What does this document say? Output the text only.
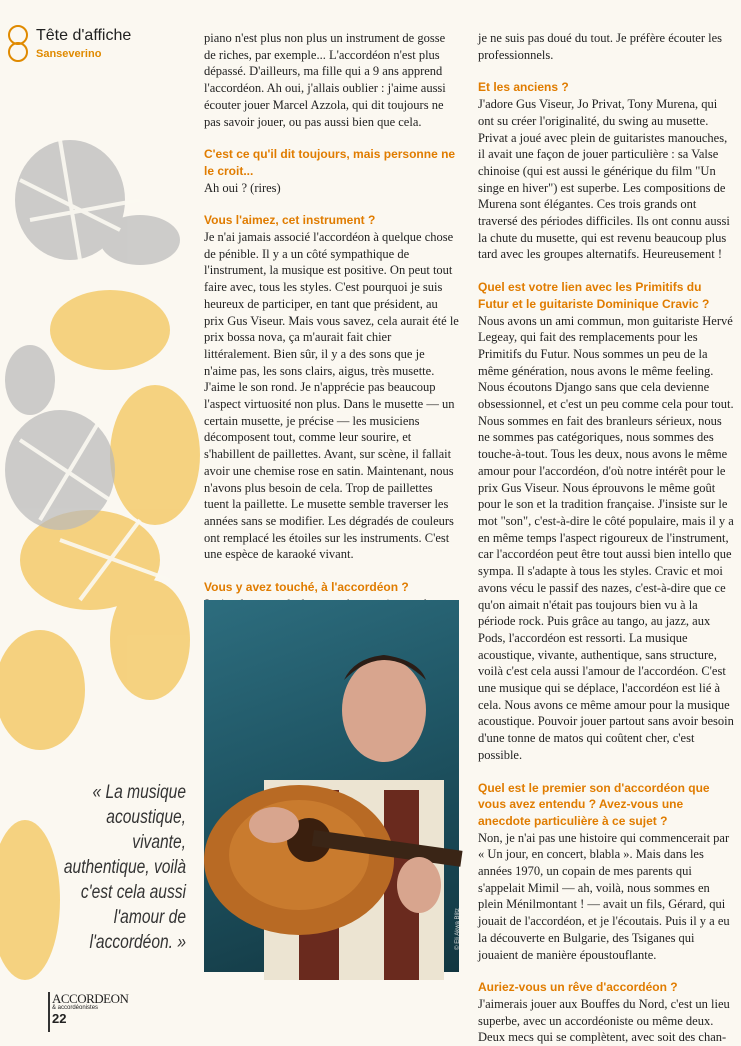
Tête d'affiche
Sanseverino

piano n'est plus non plus un instrument de gosse de riches, par exemple... L'accordéon n'est plus dépassé. D'ailleurs, ma fille qui a 9 ans apprend l'accordéon. Ah oui, j'allais oublier : j'aime aussi écouter jouer Marcel Azzola, qui dit toujours ne pas savoir jouer, ou pas aussi bien que cela.

C'est ce qu'il dit toujours, mais personne ne le croit...

Ah oui ? (rires)

Vous l'aimez, cet instrument ?

Je n'ai jamais associé l'accordéon à quelque chose de pénible. Il y a un côté sympathique de l'instrument, la musique est positive. On peut tout faire avec, tous les styles. C'est pourquoi je suis heureux de participer, en tant que président, au prix Gus Viseur. Mais vous savez, cela aurait été le prix bossa nova, ça m'aurait fait chier littéralement. Bien sûr, il y a des sons que je n'aime pas, les sons clairs, aigus, très musette. J'aime le son rond. Je n'apprécie pas beaucoup l'aspect virtuosité non plus. Dans le musette — un certain musette, je précise — les musiciens décomposent tout, comme leur sourire, et s'habillent de paillettes. Avant, sur scène, il fallait avoir une chemise rose en satin. Maintenant, nous n'avons plus besoin de cela. Trop de paillettes tuent la paillette. Le musette semble traverser les années sans se modifier. Les dégradés de couleurs ont remplacé les étoiles sur les instruments. C'est une espèce de karaoké vivant.

Vous y avez touché, à l'accordéon ?

© Eli Akwa Blitz

je ne suis pas doué du tout. Je préfère écouter les professionnels.

Et les anciens ?

J'adore Gus Viseur, Jo Privat, Tony Murena, qui ont su créer l'originalité, du swing au musette. Privat a joué avec plein de guitaristes manouches, il avait une façon de jouer particulière : sa Valse chinoise (qui est aussi le générique du film "Un singe en hiver") est superbe. Les compositions de Murena sont élégantes. Ces trois grands ont traversé des périodes difficiles. Ils ont connu aussi la chute du musette, qui est revenu beaucoup plus tard avec les groupes alternatifs. Heureusement !

Quel est votre lien avec les Primitifs du Futur et le guitariste Dominique Cravic ?

Nous avons un ami commun, mon guitariste Hervé Legeay, qui fait des remplacements pour les Primitifs du Futur. Nous sommes un peu de la même génération, nous avons le même feeling. Nous écoutons Django sans que cela devienne obsessionnel, et c'est un peu comme cela pour tout. Nous sommes en fait des branleurs sérieux, nous ne sommes pas catégoriques, nous sommes des touche-à-tout. Tous les deux, nous avons le même amour pour l'accordéon, d'où notre intérêt pour le prix Gus Viseur. Nous éprouvons le même goût pour le son et la tradition française. J'insiste sur le mot "son", c'est-à-dire le côté populaire, mais il y a en même temps l'aspect rigoureux de l'instrument, car l'accordéon peut être tout aussi bien intello que sympa. Il s'adapte à tous les styles. Cravic et moi avons vécu le passif des nazes, c'est-à-dire que ce qu'on aimait n'était pas toujours bien vu à la période rock. Puis grâce au tango, au jazz, aux Pods, l'accordéon est ressorti. La musique acoustique, vivante, authentique, sans structure, voilà c'est cela aussi l'amour de l'accordéon. C'est une musique qui se déplace, l'accordéon est lié à cela. Nous avons ce même amour pour la musique acoustique. Pouvoir jouer partout sans avoir besoin d'une tonne de matos qui coûtent cher, c'est possible.

Quel est le premier son d'accordéon que vous avez entendu ? Avez-vous une anecdote particulière à ce sujet ?

Non, je n'ai pas une histoire qui commencerait par « Un jour, en concert, blabla ». Mais dans les années 1970, un copain de mes parents qui s'appelait Mimil — ah, voilà, nous sommes en plein Ménilmontant ! — avait un fils, Gérard, qui jouait de l'accordéon, et je l'écoutais. Puis il y a eu la découverte en Bulgarie, des Tsiganes qui jouaient de manière époustouflante.

Auriez-vous un rêve d'accordéon ?

J'aimerais jouer aux Bouffes du Nord, c'est un lieu superbe, avec un accordéoniste ou même deux. Deux mecs qui se complètent, avec soit des chan-

« La musique acoustique, vivante, authentique, voilà c'est cela aussi l'amour de l'accordéon. »
ACCORDEON
& accordéonistes
22
